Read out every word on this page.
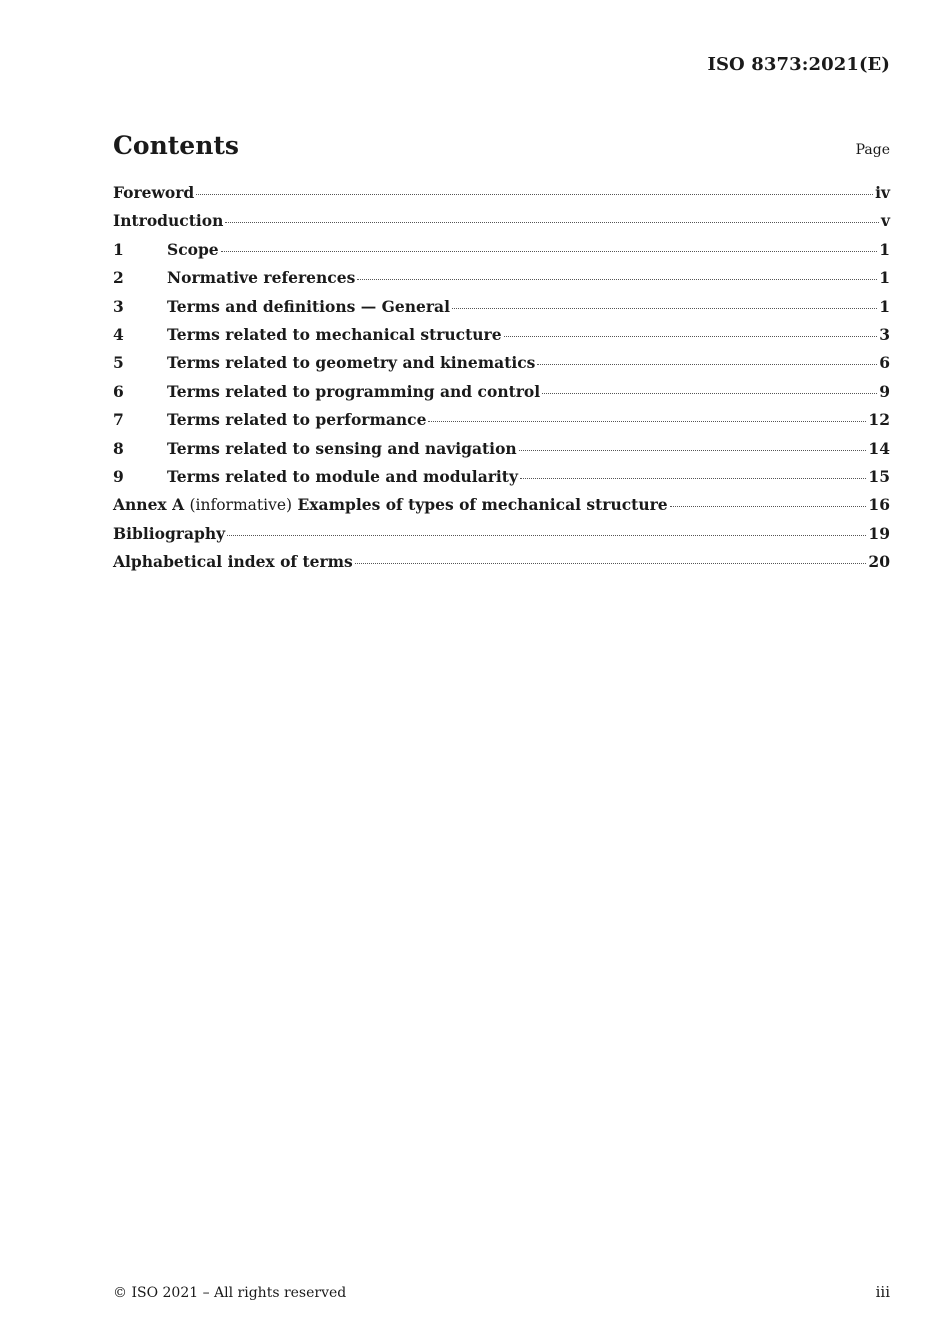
ISO 8373:2021(E)
Contents	Page
Foreword	iv
Introduction	v
1	Scope	1
2	Normative references	1
3	Terms and definitions — General	1
4	Terms related to mechanical structure	3
5	Terms related to geometry and kinematics	6
6	Terms related to programming and control	9
7	Terms related to performance	12
8	Terms related to sensing and navigation	14
9	Terms related to module and modularity	15
Annex A (informative) Examples of types of mechanical structure	16
Bibliography	19
Alphabetical index of terms	20
© ISO 2021 – All rights reserved	iii
